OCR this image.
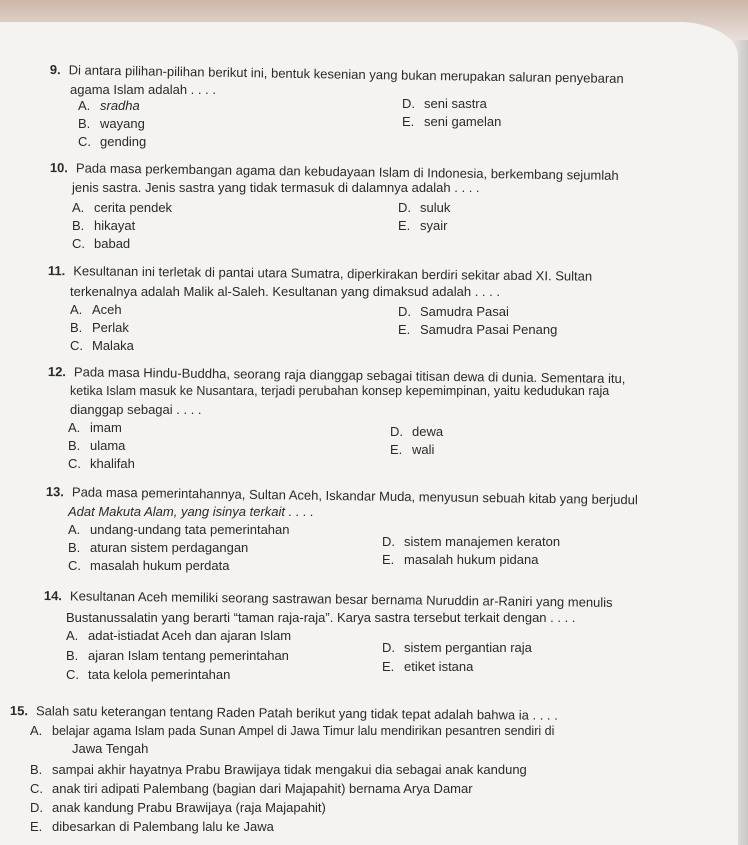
9. Di antara pilihan-pilihan berikut ini, bentuk kesenian yang bukan merupakan saluran penyebaran
agama Islam adalah . . . .
A. sradha
B. wayang
C. gending
D. seni sastra
E. seni gamelan
10. Pada masa perkembangan agama dan kebudayaan Islam di Indonesia, berkembang sejumlah
jenis sastra. Jenis sastra yang tidak termasuk di dalamnya adalah . . . .
A. cerita pendek
B. hikayat
C. babad
D. suluk
E. syair
11. Kesultanan ini terletak di pantai utara Sumatra, diperkirakan berdiri sekitar abad XI. Sultan
terkenalnya adalah Malik al-Saleh. Kesultanan yang dimaksud adalah . . . .
A. Aceh
B. Perlak
C. Malaka
D. Samudra Pasai
E. Samudra Pasai Penang
12. Pada masa Hindu-Buddha, seorang raja dianggap sebagai titisan dewa di dunia. Sementara itu,
ketika Islam masuk ke Nusantara, terjadi perubahan konsep kepemimpinan, yaitu kedudukan raja
dianggap sebagai . . . .
A. imam
B. ulama
C. khalifah
D. dewa
E. wali
13. Pada masa pemerintahannya, Sultan Aceh, Iskandar Muda, menyusun sebuah kitab yang berjudul
Adat Makuta Alam, yang isinya terkait . . . .
A. undang-undang tata pemerintahan
B. aturan sistem perdagangan
C. masalah hukum perdata
D. sistem manajemen keraton
E. masalah hukum pidana
14. Kesultanan Aceh memiliki seorang sastrawan besar bernama Nuruddin ar-Raniri yang menulis
Bustanussalatin yang berarti “taman raja-raja”. Karya sastra tersebut terkait dengan . . . .
A. adat-istiadat Aceh dan ajaran Islam
B. ajaran Islam tentang pemerintahan
C. tata kelola pemerintahan
D. sistem pergantian raja
E. etiket istana
15. Salah satu keterangan tentang Raden Patah berikut yang tidak tepat adalah bahwa ia . . . .
A. belajar agama Islam pada Sunan Ampel di Jawa Timur lalu mendirikan pesantren sendiri di
Jawa Tengah
B. sampai akhir hayatnya Prabu Brawijaya tidak mengakui dia sebagai anak kandung
C. anak tiri adipati Palembang (bagian dari Majapahit) bernama Arya Damar
D. anak kandung Prabu Brawijaya (raja Majapahit)
E. dibesarkan di Palembang lalu ke Jawa
